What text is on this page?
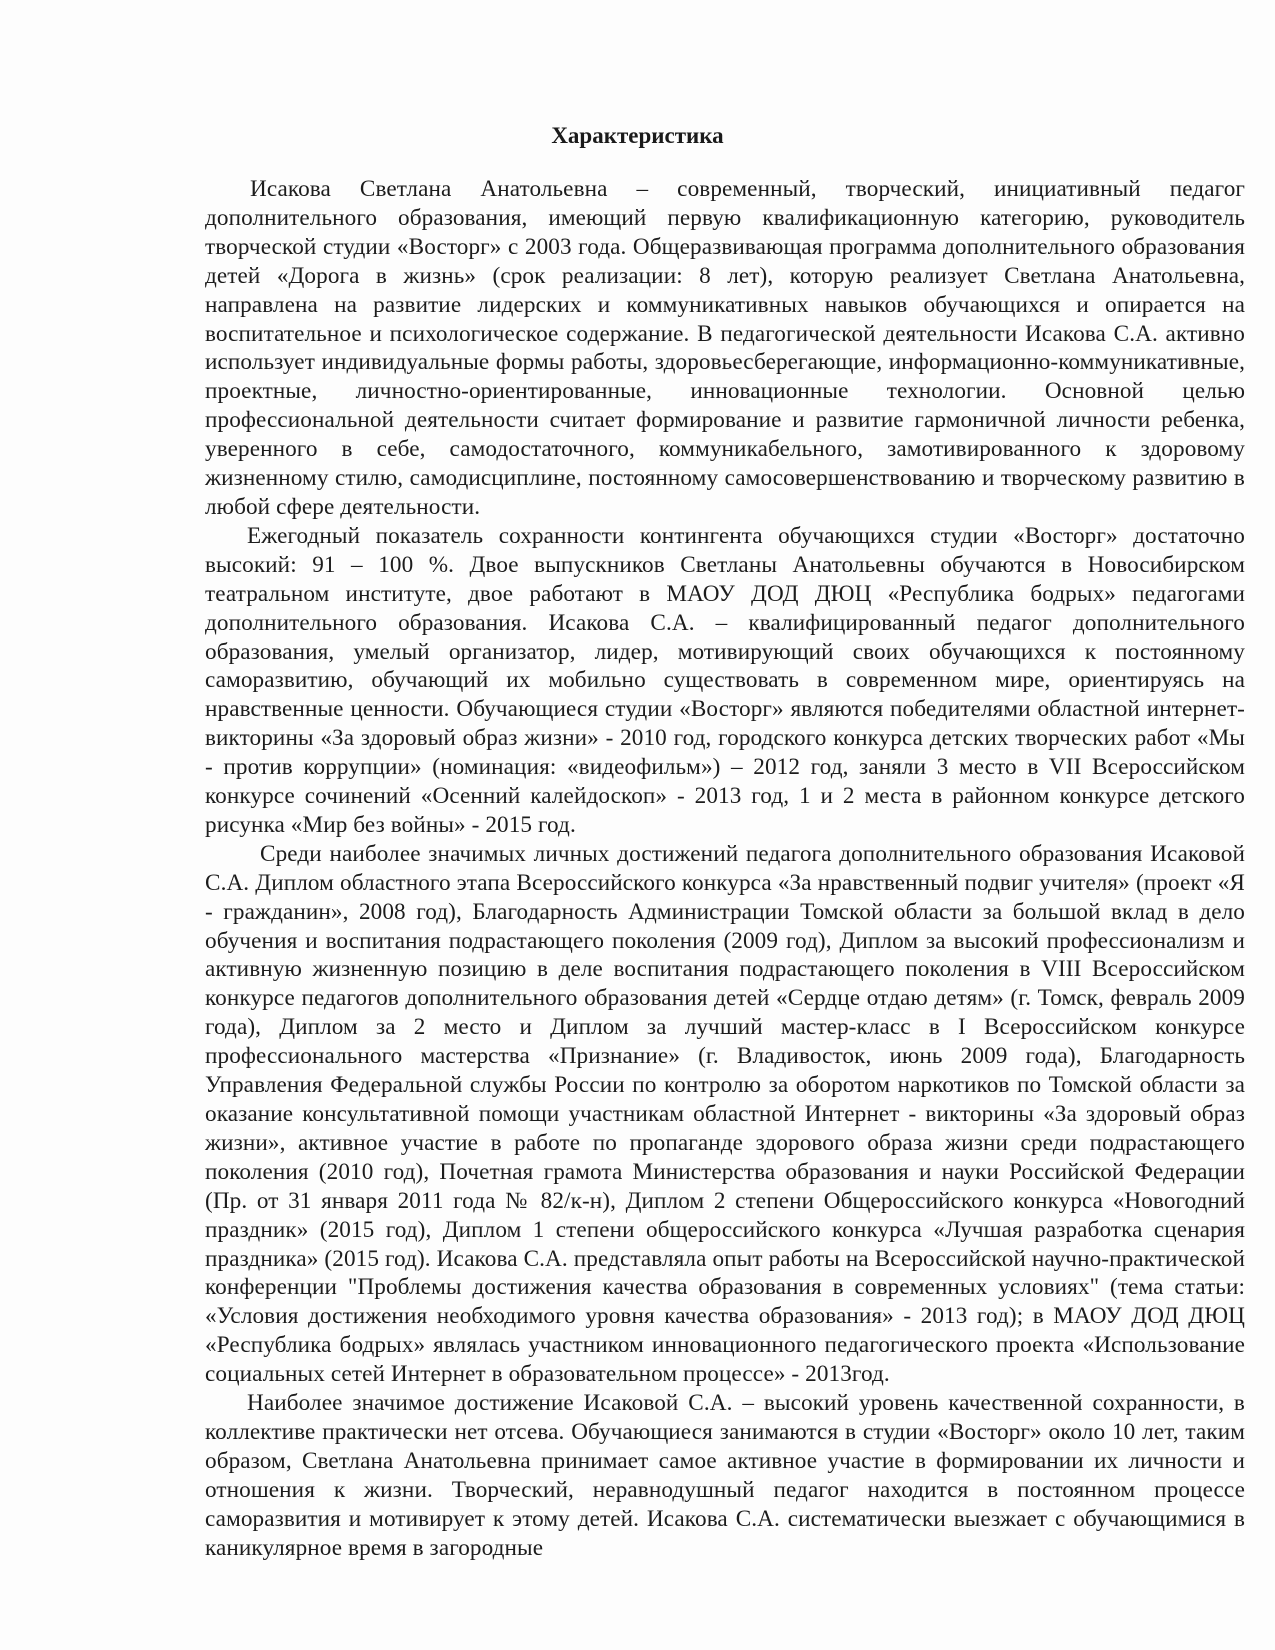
Характеристика

Исакова Светлана Анатольевна – современный, творческий, инициативный педагог дополнительного образования, имеющий первую квалификационную категорию, руководитель творческой студии «Восторг» с 2003 года. Общеразвивающая программа дополнительного образования детей «Дорога в жизнь» (срок реализации: 8 лет), которую реализует Светлана Анатольевна, направлена на развитие лидерских и коммуникативных навыков обучающихся и опирается на воспитательное и психологическое содержание. В педагогической деятельности Исакова С.А. активно использует индивидуальные формы работы, здоровьесберегающие, информационно-коммуникативные, проектные, личностно-ориентированные, инновационные технологии. Основной целью профессиональной деятельности считает формирование и развитие гармоничной личности ребенка, уверенного в себе, самодостаточного, коммуникабельного, замотивированного к здоровому жизненному стилю, самодисциплине, постоянному самосовершенствованию и творческому развитию в любой сфере деятельности.

Ежегодный показатель сохранности контингента обучающихся студии «Восторг» достаточно высокий: 91 – 100 %. Двое выпускников Светланы Анатольевны обучаются в Новосибирском театральном институте, двое работают в МАОУ ДОД ДЮЦ «Республика бодрых» педагогами дополнительного образования. Исакова С.А. – квалифицированный педагог дополнительного образования, умелый организатор, лидер, мотивирующий своих обучающихся к постоянному саморазвитию, обучающий их мобильно существовать в современном мире, ориентируясь на нравственные ценности. Обучающиеся студии «Восторг» являются победителями областной интернет-викторины «За здоровый образ жизни» - 2010 год, городского конкурса детских творческих работ «Мы - против коррупции» (номинация: «видеофильм») – 2012 год, заняли 3 место в VII Всероссийском конкурсе сочинений «Осенний калейдоскоп» - 2013 год, 1 и 2 места в районном конкурсе детского рисунка «Мир без войны» - 2015 год.

Среди наиболее значимых личных достижений педагога дополнительного образования Исаковой С.А. Диплом областного этапа Всероссийского конкурса «За нравственный подвиг учителя» (проект «Я - гражданин», 2008 год), Благодарность Администрации Томской области за большой вклад в дело обучения и воспитания подрастающего поколения (2009 год), Диплом за высокий профессионализм и активную жизненную позицию в деле воспитания подрастающего поколения в VIII Всероссийском конкурсе педагогов дополнительного образования детей «Сердце отдаю детям» (г. Томск, февраль 2009 года), Диплом за 2 место и Диплом за лучший мастер-класс в I Всероссийском конкурсе профессионального мастерства «Признание» (г. Владивосток, июнь 2009 года), Благодарность Управления Федеральной службы России по контролю за оборотом наркотиков по Томской области за оказание консультативной помощи участникам областной Интернет - викторины «За здоровый образ жизни», активное участие в работе по пропаганде здорового образа жизни среди подрастающего поколения (2010 год), Почетная грамота Министерства образования и науки Российской Федерации (Пр. от 31 января 2011 года № 82/к-н), Диплом 2 степени Общероссийского конкурса «Новогодний праздник» (2015 год), Диплом 1 степени общероссийского конкурса «Лучшая разработка сценария праздника» (2015 год). Исакова С.А. представляла опыт работы на Всероссийской научно-практической конференции "Проблемы достижения качества образования в современных условиях" (тема статьи: «Условия достижения необходимого уровня качества образования» - 2013 год); в МАОУ ДОД ДЮЦ «Республика бодрых» являлась участником инновационного педагогического проекта «Использование социальных сетей Интернет в образовательном процессе» - 2013год.

Наиболее значимое достижение Исаковой С.А. – высокий уровень качественной сохранности, в коллективе практически нет отсева. Обучающиеся занимаются в студии «Восторг» около 10 лет, таким образом, Светлана Анатольевна принимает самое активное участие в формировании их личности и отношения к жизни. Творческий, неравнодушный педагог находится в постоянном процессе саморазвития и мотивирует к этому детей. Исакова С.А. систематически выезжает с обучающимися в каникулярное время в загородные
